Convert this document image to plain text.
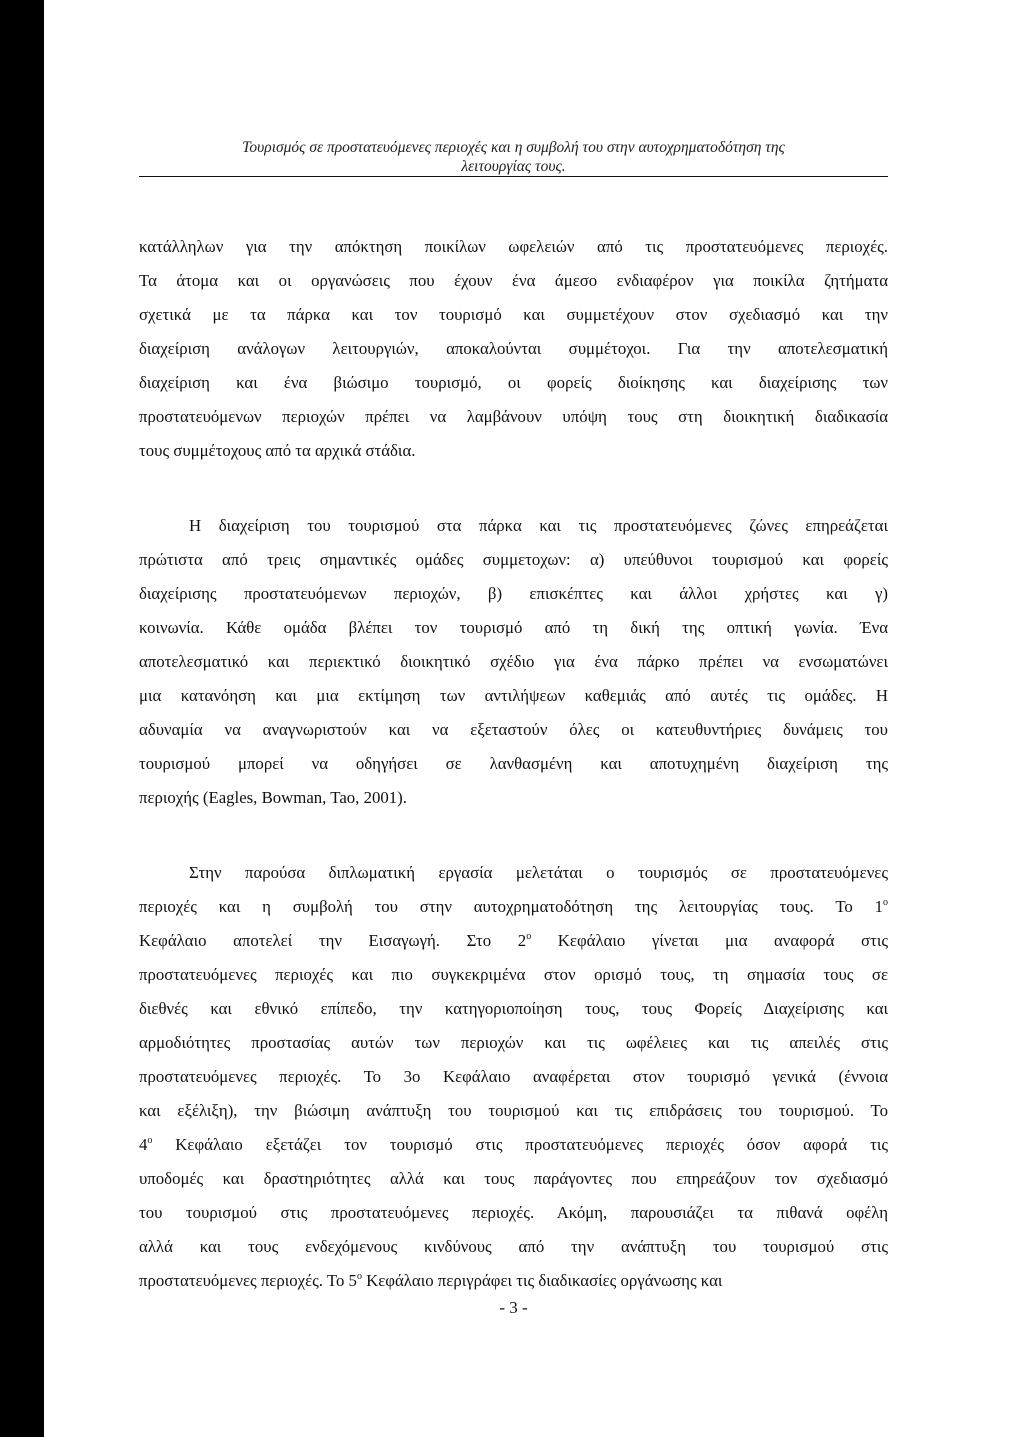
Τουρισμός σε προστατευόμενες περιοχές και η συμβολή του στην αυτοχρηματοδότηση της
λειτουργίας τους.
κατάλληλων για την απόκτηση ποικίλων ωφελειών από τις προστατευόμενες περιοχές.
Τα άτομα και οι οργανώσεις που έχουν ένα άμεσο ενδιαφέρον για ποικίλα ζητήματα
σχετικά με τα πάρκα και τον τουρισμό και συμμετέχουν στον σχεδιασμό και την
διαχείριση ανάλογων λειτουργιών, αποκαλούνται συμμέτοχοι. Για την αποτελεσματική
διαχείριση και ένα βιώσιμο τουρισμό, οι φορείς διοίκησης και διαχείρισης των
προστατευόμενων περιοχών πρέπει να λαμβάνουν υπόψη τους στη διοικητική διαδικασία
τους συμμέτοχους από τα αρχικά στάδια.
Η διαχείριση του τουρισμού στα πάρκα και τις προστατευόμενες ζώνες επηρεάζεται
πρώτιστα από τρεις σημαντικές ομάδες συμμετοχων: α) υπεύθυνοι τουρισμού και φορείς
διαχείρισης προστατευόμενων περιοχών, β) επισκέπτες και άλλοι χρήστες και γ)
κοινωνία. Κάθε ομάδα βλέπει τον τουρισμό από τη δική της οπτική γωνία. Ένα
αποτελεσματικό και περιεκτικό διοικητικό σχέδιο για ένα πάρκο πρέπει να ενσωματώνει
μια κατανόηση και μια εκτίμηση των αντιλήψεων καθεμιάς από αυτές τις ομάδες. Η
αδυναμία να αναγνωριστούν και να εξεταστούν όλες οι κατευθυντήριες δυνάμεις του
τουρισμού μπορεί να οδηγήσει σε λανθασμένη και αποτυχημένη διαχείριση της
περιοχής (Eagles, Bowman, Tao, 2001).
Στην παρούσα διπλωματική εργασία μελετάται ο τουρισμός σε προστατευόμενες
περιοχές και η συμβολή του στην αυτοχρηματοδότηση της λειτουργίας τους. Το $1^o$
Κεφάλαιο αποτελεί την Εισαγωγή. Στο $2^o$ Κεφάλαιο γίνεται μια αναφορά στις
προστατευόμενες περιοχές και πιο συγκεκριμένα στον ορισμό τους, τη σημασία τους σε
διεθνές και εθνικό επίπεδο, την κατηγοριοποίηση τους, τους Φορείς Διαχείρισης και
αρμοδιότητες προστασίας αυτών των περιοχών και τις ωφέλειες και τις απειλές στις
προστατευόμενες περιοχές. Το 3ο Κεφάλαιο αναφέρεται στον τουρισμό γενικά (έννοια
και εξέλιξη), την βιώσιμη ανάπτυξη του τουρισμού και τις επιδράσεις του τουρισμού. Το
$4^o$ Κεφάλαιο εξετάζει τον τουρισμό στις προστατευόμενες περιοχές όσον αφορά τις
υποδομές και δραστηριότητες αλλά και τους παράγοντες που επηρεάζουν τον σχεδιασμό
του τουρισμού στις προστατευόμενες περιοχές. Ακόμη, παρουσιάζει τα πιθανά οφέλη
αλλά και τους ενδεχόμενους κινδύνους από την ανάπτυξη του τουρισμού στις
προστατευόμενες περιοχές. Το $5^o$ Κεφάλαιο περιγράφει τις διαδικασίες οργάνωσης και
- 3 -
